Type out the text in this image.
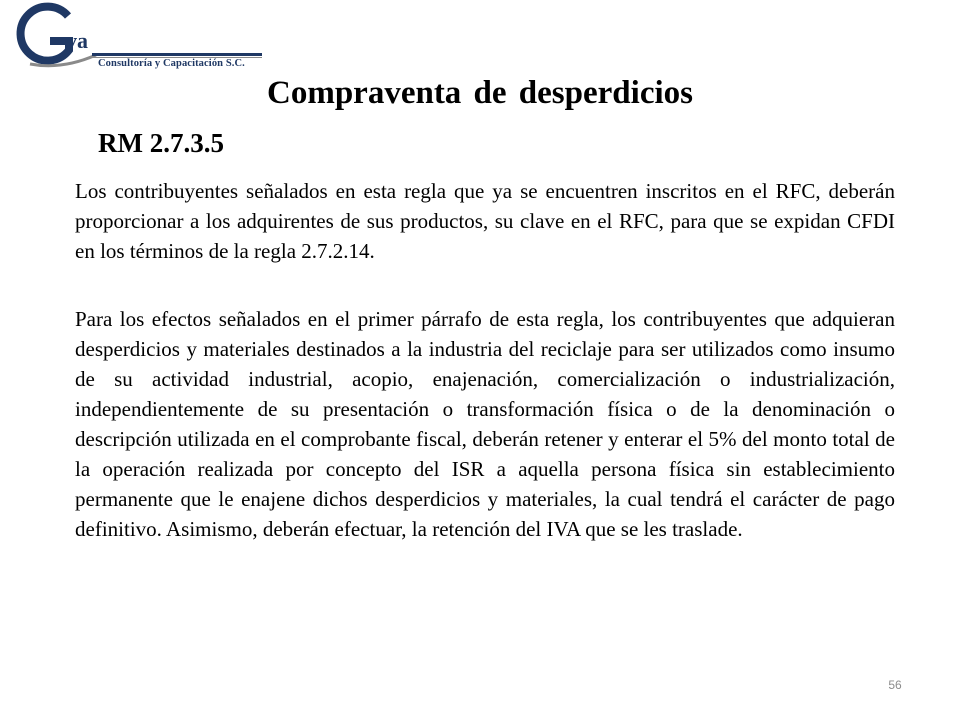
va
Consultoría y Capacitación S.C.
Compraventa de desperdicios
RM 2.7.3.5

Los contribuyentes señalados en esta regla que ya se encuentren inscritos en el RFC, deberán proporcionar a los adquirentes de sus productos, su clave en el RFC, para que se expidan CFDI en los términos de la regla 2.7.2.14.

Para los efectos señalados en el primer párrafo de esta regla, los contribuyentes que adquieran desperdicios y materiales destinados a la industria del reciclaje para ser utilizados como insumo de su actividad industrial, acopio, enajenación, comercialización o industrialización, independientemente de su presentación o transformación física o de la denominación o descripción utilizada en el comprobante fiscal, deberán retener y enterar el 5% del monto total de la operación realizada por concepto del ISR a aquella persona física sin establecimiento permanente que le enajene dichos desperdicios y materiales, la cual tendrá el carácter de pago definitivo. Asimismo, deberán efectuar, la retención del IVA que se les traslade.

56
